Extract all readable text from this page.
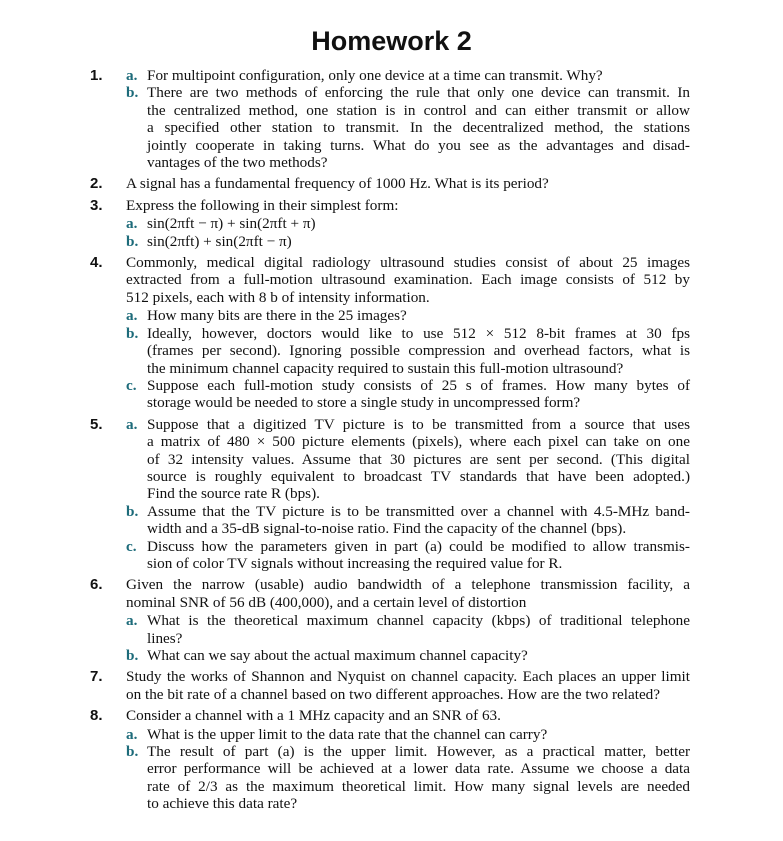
Homework 2
1. a. For multipoint configuration, only one device at a time can transmit. Why?
b. There are two methods of enforcing the rule that only one device can transmit. In
the centralized method, one station is in control and can either transmit or allow
a specified other station to transmit. In the decentralized method, the stations
jointly cooperate in taking turns. What do you see as the advantages and disad-
vantages of the two methods?
2. A signal has a fundamental frequency of 1000 Hz. What is its period?
3. Express the following in their simplest form:
a. sin(2πft − π) + sin(2πft + π)
b. sin(2πft) + sin(2πft − π)
4. Commonly, medical digital radiology ultrasound studies consist of about 25 images
extracted from a full-motion ultrasound examination. Each image consists of 512 by
512 pixels, each with 8 b of intensity information.
a. How many bits are there in the 25 images?
b. Ideally, however, doctors would like to use 512 × 512 8-bit frames at 30 fps
(frames per second). Ignoring possible compression and overhead factors, what is
the minimum channel capacity required to sustain this full-motion ultrasound?
c. Suppose each full-motion study consists of 25 s of frames. How many bytes of
storage would be needed to store a single study in uncompressed form?
5. a. Suppose that a digitized TV picture is to be transmitted from a source that uses
a matrix of 480 × 500 picture elements (pixels), where each pixel can take on one
of 32 intensity values. Assume that 30 pictures are sent per second. (This digital
source is roughly equivalent to broadcast TV standards that have been adopted.)
Find the source rate R (bps).
b. Assume that the TV picture is to be transmitted over a channel with 4.5-MHz band-
width and a 35-dB signal-to-noise ratio. Find the capacity of the channel (bps).
c. Discuss how the parameters given in part (a) could be modified to allow transmis-
sion of color TV signals without increasing the required value for R.
6. Given the narrow (usable) audio bandwidth of a telephone transmission facility, a
nominal SNR of 56 dB (400,000), and a certain level of distortion
a. What is the theoretical maximum channel capacity (kbps) of traditional telephone
lines?
b. What can we say about the actual maximum channel capacity?
7. Study the works of Shannon and Nyquist on channel capacity. Each places an upper limit
on the bit rate of a channel based on two different approaches. How are the two related?
8. Consider a channel with a 1 MHz capacity and an SNR of 63.
a. What is the upper limit to the data rate that the channel can carry?
b. The result of part (a) is the upper limit. However, as a practical matter, better
error performance will be achieved at a lower data rate. Assume we choose a data
rate of 2/3 as the maximum theoretical limit. How many signal levels are needed
to achieve this data rate?
